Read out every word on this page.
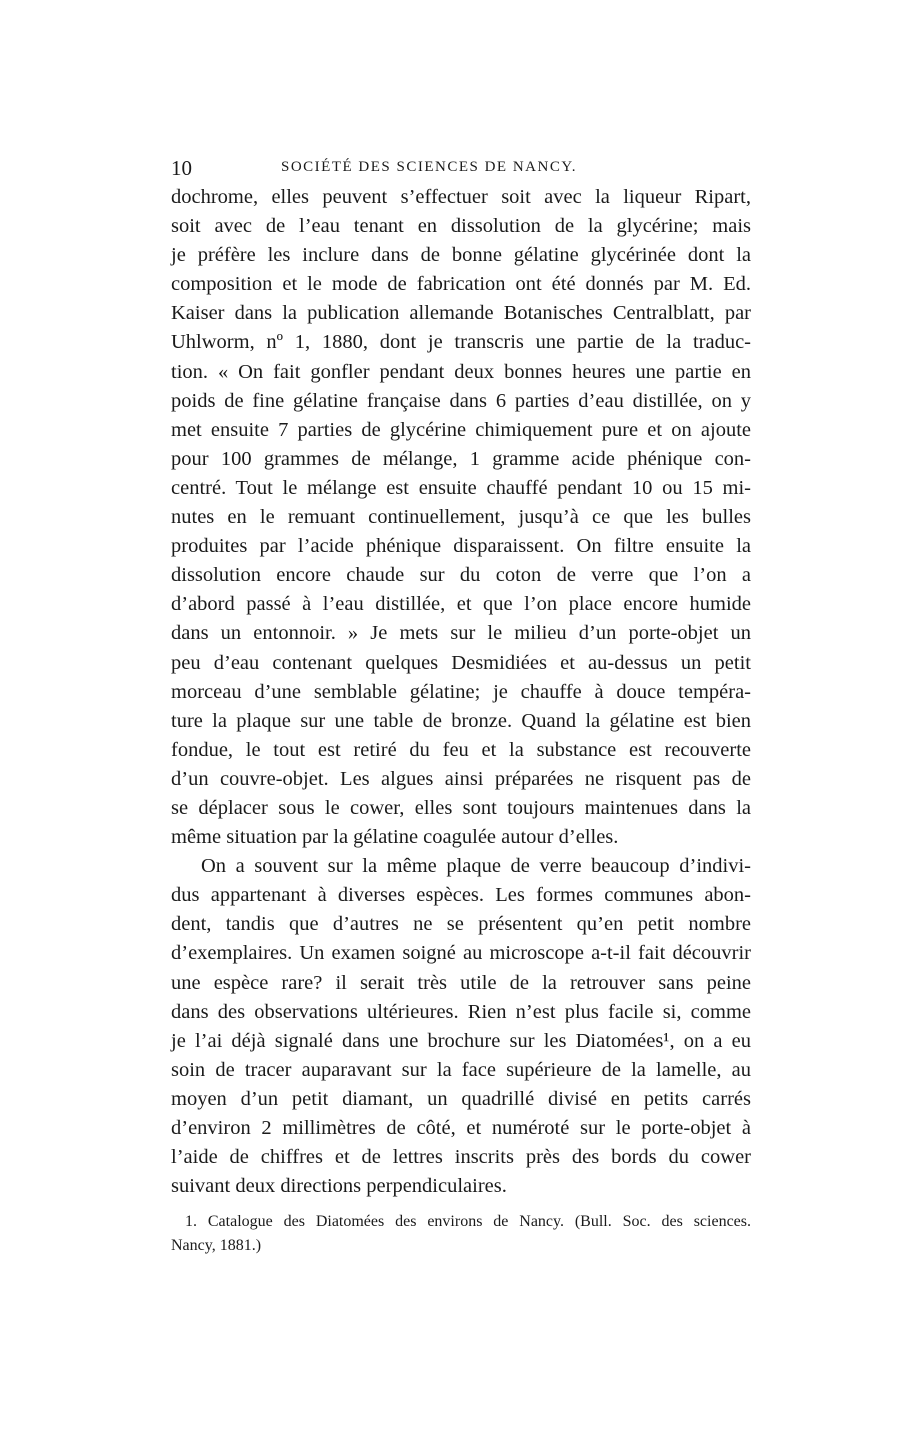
10	SOCIÉTÉ DES SCIENCES DE NANCY.
dochrome, elles peuvent s’effectuer soit avec la liqueur Ripart,
soit avec de l’eau tenant en dissolution de la glycérine; mais
je préfère les inclure dans de bonne gélatine glycérinée dont la
composition et le mode de fabrication ont été donnés par M. Ed.
Kaiser dans la publication allemande Botanisches Centralblatt, par
Uhlworm, nº 1, 1880, dont je transcris une partie de la traduc-
tion. « On fait gonfler pendant deux bonnes heures une partie en
poids de fine gélatine française dans 6 parties d’eau distillée, on y
met ensuite 7 parties de glycérine chimiquement pure et on ajoute
pour 100 grammes de mélange, 1 gramme acide phénique con-
centré. Tout le mélange est ensuite chauffé pendant 10 ou 15 mi-
nutes en le remuant continuellement, jusqu’à ce que les bulles
produites par l’acide phénique disparaissent. On filtre ensuite la
dissolution encore chaude sur du coton de verre que l’on a
d’abord passé à l’eau distillée, et que l’on place encore humide
dans un entonnoir. » Je mets sur le milieu d’un porte-objet un
peu d’eau contenant quelques Desmidiées et au-dessus un petit
morceau d’une semblable gélatine; je chauffe à douce tempéra-
ture la plaque sur une table de bronze. Quand la gélatine est bien
fondue, le tout est retiré du feu et la substance est recouverte
d’un couvre-objet. Les algues ainsi préparées ne risquent pas de
se déplacer sous le cower, elles sont toujours maintenues dans la
même situation par la gélatine coagulée autour d’elles.
On a souvent sur la même plaque de verre beaucoup d’indivi-
dus appartenant à diverses espèces. Les formes communes abon-
dent, tandis que d’autres ne se présentent qu’en petit nombre
d’exemplaires. Un examen soigné au microscope a-t-il fait découvrir
une espèce rare? il serait très utile de la retrouver sans peine
dans des observations ultérieures. Rien n’est plus facile si, comme
je l’ai déjà signalé dans une brochure sur les Diatomées¹, on a eu
soin de tracer auparavant sur la face supérieure de la lamelle, au
moyen d’un petit diamant, un quadrillé divisé en petits carrés
d’environ 2 millimètres de côté, et numéroté sur le porte-objet à
l’aide de chiffres et de lettres inscrits près des bords du cower
suivant deux directions perpendiculaires.
1. Catalogue des Diatomées des environs de Nancy. (Bull. Soc. des sciences.
Nancy, 1881.)
